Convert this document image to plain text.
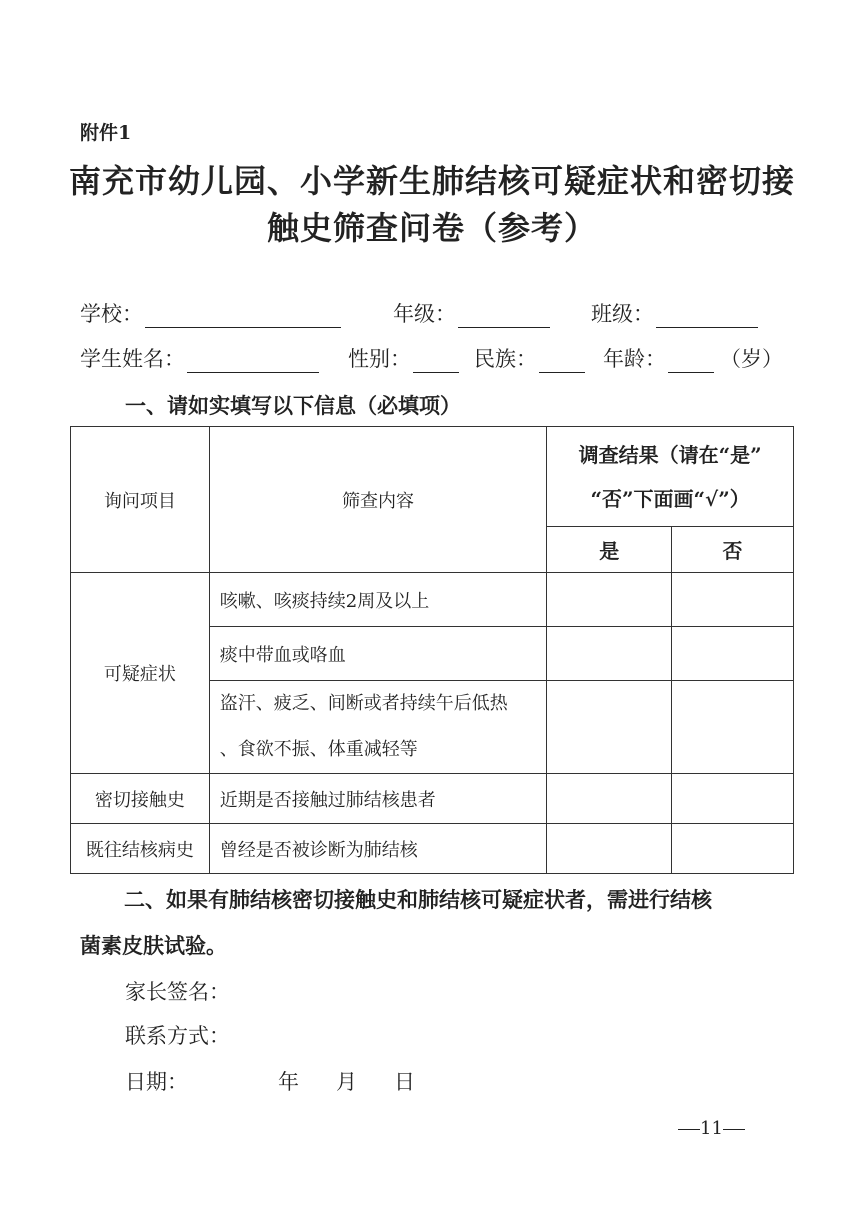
附件1
南充市幼儿园、小学新生肺结核可疑症状和密切接
触史筛查问卷（参考）
学校：	年级：	班级：
学生姓名：	性别：	民族：	年龄：	（岁）
一、请如实填写以下信息（必填项）
询问项目	筛查内容	调查结果（请在“是”
“否”下面画“√”）	

		是	否
可疑症状	咳嗽、咳痰持续2周及以上		
	痰中带血或咯血		

	盗汗、疲乏、间断或者持续午后低热
、食欲不振、体重减轻等		

密切接触史	近期是否接触过肺结核患者		
既往结核病史	曾经是否被诊断为肺结核		
二、如果有肺结核密切接触史和肺结核可疑症状者，需进行结核
菌素皮肤试验。
家长签名：
联系方式：
日期：	年 月 日
11
